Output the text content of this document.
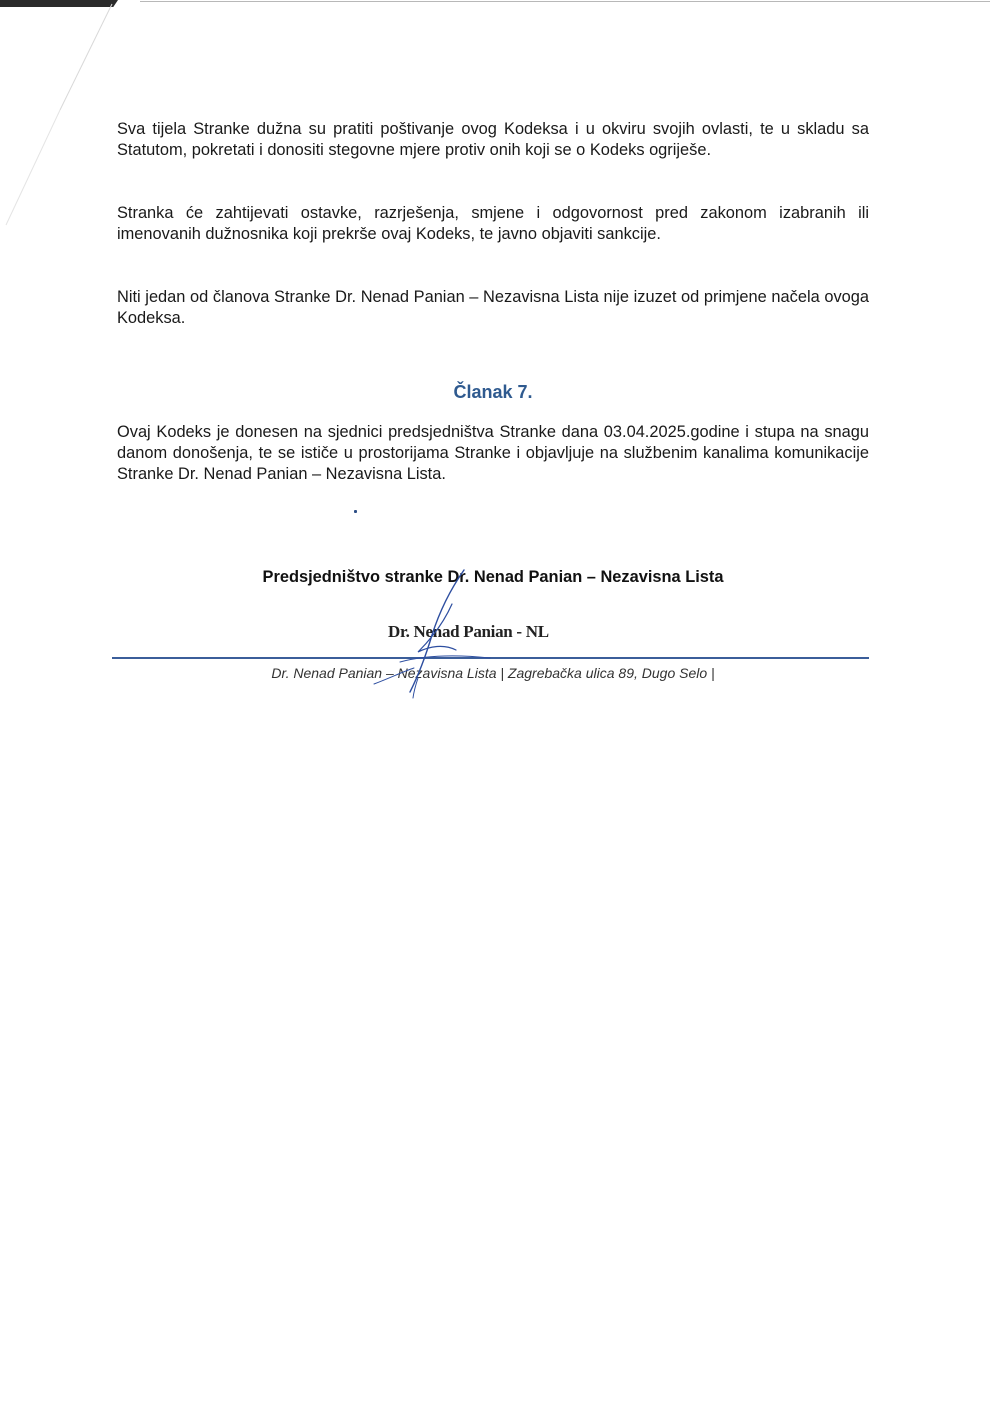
Sva tijela Stranke dužna su pratiti poštivanje ovog Kodeksa i u okviru svojih ovlasti, te u skladu sa Statutom, pokretati i donositi stegovne mjere protiv onih koji se o Kodeks ogriješe.

Stranka će zahtijevati ostavke, razrješenja, smjene i odgovornost pred zakonom izabranih ili imenovanih dužnosnika koji prekrše ovaj Kodeks, te javno objaviti sankcije.

Niti jedan od članova Stranke Dr. Nenad Panian – Nezavisna Lista nije izuzet od primjene načela ovoga Kodeksa.

Članak 7.

Ovaj Kodeks je donesen na sjednici predsjedništva Stranke dana 03.04.2025.godine i stupa na snagu danom donošenja, te se ističe u prostorijama Stranke i objavljuje na službenim kanalima komunikacije Stranke Dr. Nenad Panian – Nezavisna Lista.

Predsjedništvo stranke Dr. Nenad Panian – Nezavisna Lista

Dr. Nenad Panian - NL

Dr. Nenad Panian – Nezavisna Lista | Zagrebačka ulica 89, Dugo Selo |
